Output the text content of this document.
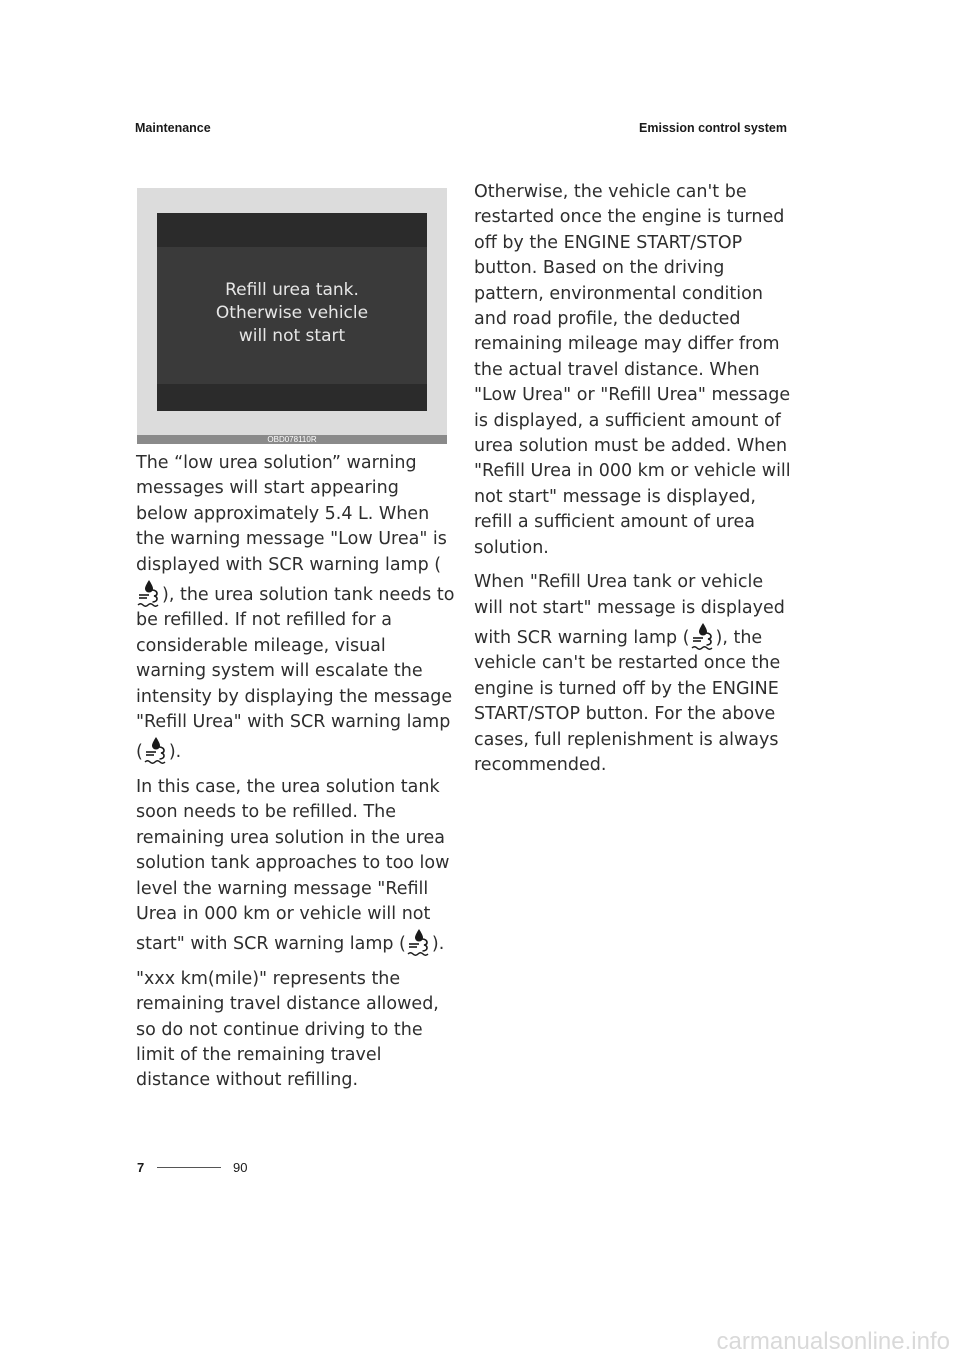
Maintenance	Emission control system
Refill urea tank.
Otherwise vehicle
will not start
OBD078110R

The “low urea solution” warning messages will start appearing below approximately 5.4 L. When the warning message "Low Urea" is displayed with SCR warning lamp (
), the urea solution tank needs to be refilled. If not refilled for a considerable mileage, visual warning system will escalate the intensity by displaying the message "Refill Urea" with SCR warning lamp ( ).

In this case, the urea solution tank soon needs to be refilled. The remaining urea solution in the urea solution tank approaches to too low level the warning message "Refill Urea in 000 km or vehicle will not start" with SCR warning lamp ( ).

"xxx km(mile)" represents the remaining travel distance allowed, so do not continue driving to the limit of the remaining travel distance without refilling.

Otherwise, the vehicle can't be restarted once the engine is turned off by the ENGINE START/STOP button. Based on the driving pattern, environmental condition and road profile, the deducted remaining mileage may differ from the actual travel distance. When "Low Urea" or "Refill Urea" message is displayed, a sufficient amount of urea solution must be added. When "Refill Urea in 000 km or vehicle will not start" message is displayed, refill a sufficient amount of urea solution.

When "Refill Urea tank or vehicle will not start" message is displayed with SCR warning lamp ( ), the vehicle can't be restarted once the engine is turned off by the ENGINE START/STOP button. For the above cases, full replenishment is always recommended.

7	90
carmanualsonline.info
